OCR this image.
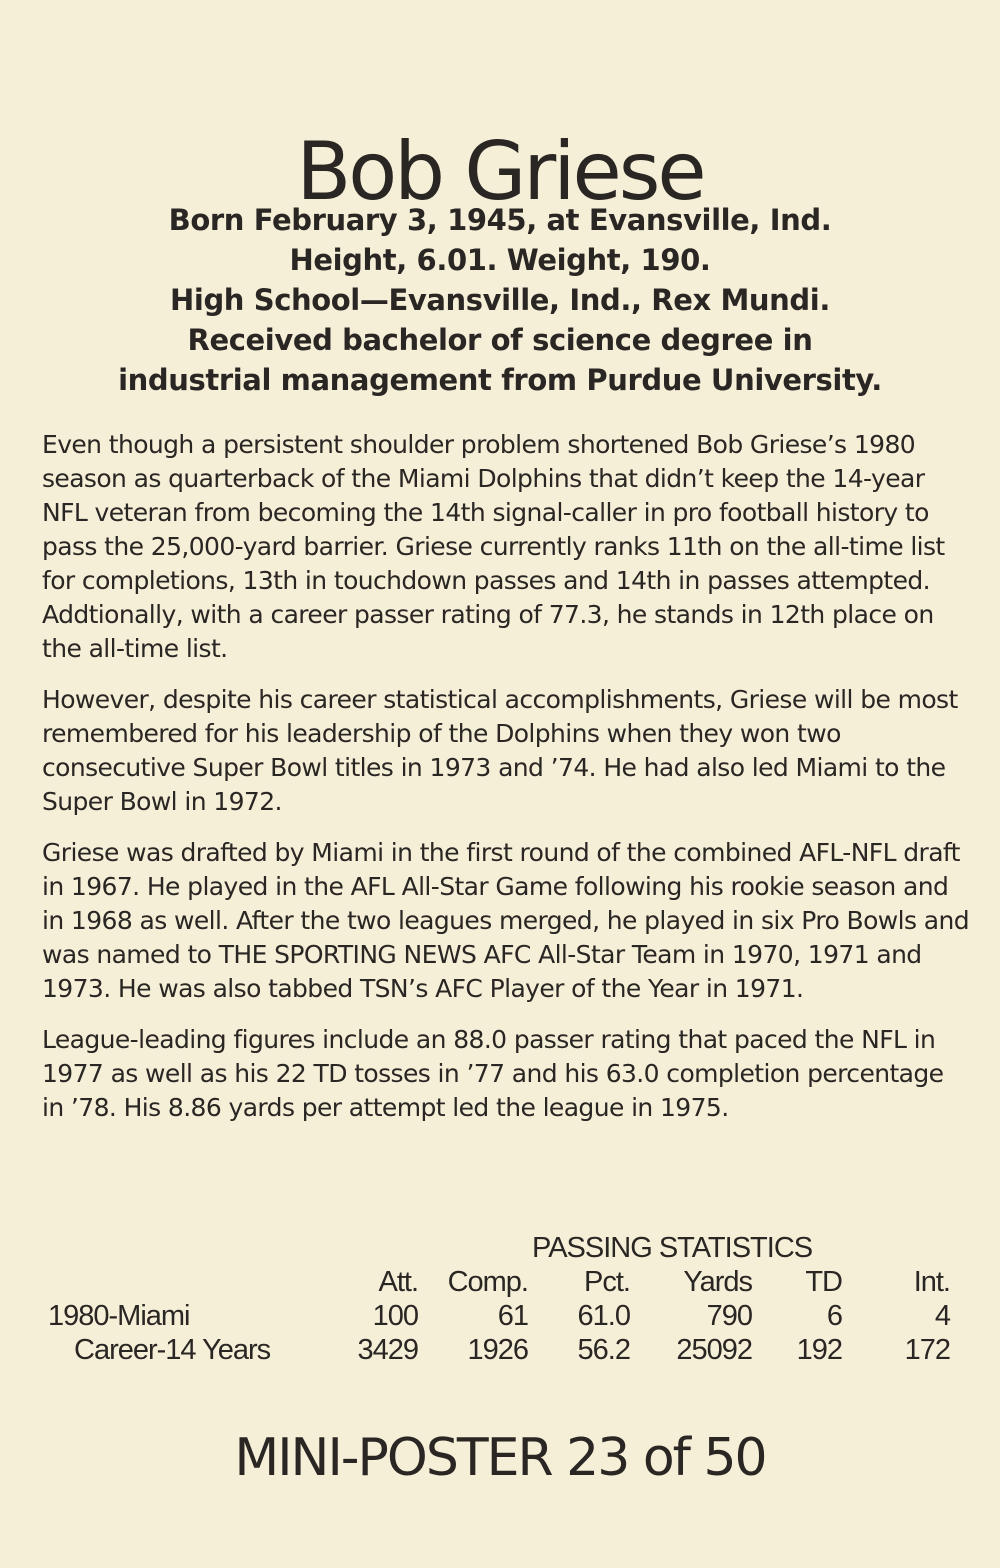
Bob Griese
Born February 3, 1945, at Evansville, Ind.
Height, 6.01. Weight, 190.
High School—Evansville, Ind., Rex Mundi.
Received bachelor of science degree in
industrial management from Purdue University.

Even though a persistent shoulder problem shortened Bob Griese’s 1980 season as quarterback of the Miami Dolphins that didn’t keep the 14-year NFL veteran from becoming the 14th signal-caller in pro football history to pass the 25,000-yard barrier. Griese currently ranks 11th on the all-time list for completions, 13th in touchdown passes and 14th in passes attempted. Addtionally, with a career passer rating of 77.3, he stands in 12th place on the all-time list.

However, despite his career statistical accomplishments, Griese will be most remembered for his leadership of the Dolphins when they won two consecutive Super Bowl titles in 1973 and ’74. He had also led Miami to the Super Bowl in 1972.

Griese was drafted by Miami in the first round of the combined AFL-NFL draft in 1967. He played in the AFL All-Star Game following his rookie season and in 1968 as well. After the two leagues merged, he played in six Pro Bowls and was named to THE SPORTING NEWS AFC All-Star Team in 1970, 1971 and 1973. He was also tabbed TSN’s AFC Player of the Year in 1971.

League-leading figures include an 88.0 passer rating that paced the NFL in 1977 as well as his 22 TD tosses in ’77 and his 63.0 completion percentage in ’78. His 8.86 yards per attempt led the league in 1975.

PASSING STATISTICS
Att. Comp. Pct. Yards TD Int.
1980-Miami	100	61 61.0	790	6	4
Career-14 Years	3429 1926 56.2 25092 192 172
MINI-POSTER 23 of 50
